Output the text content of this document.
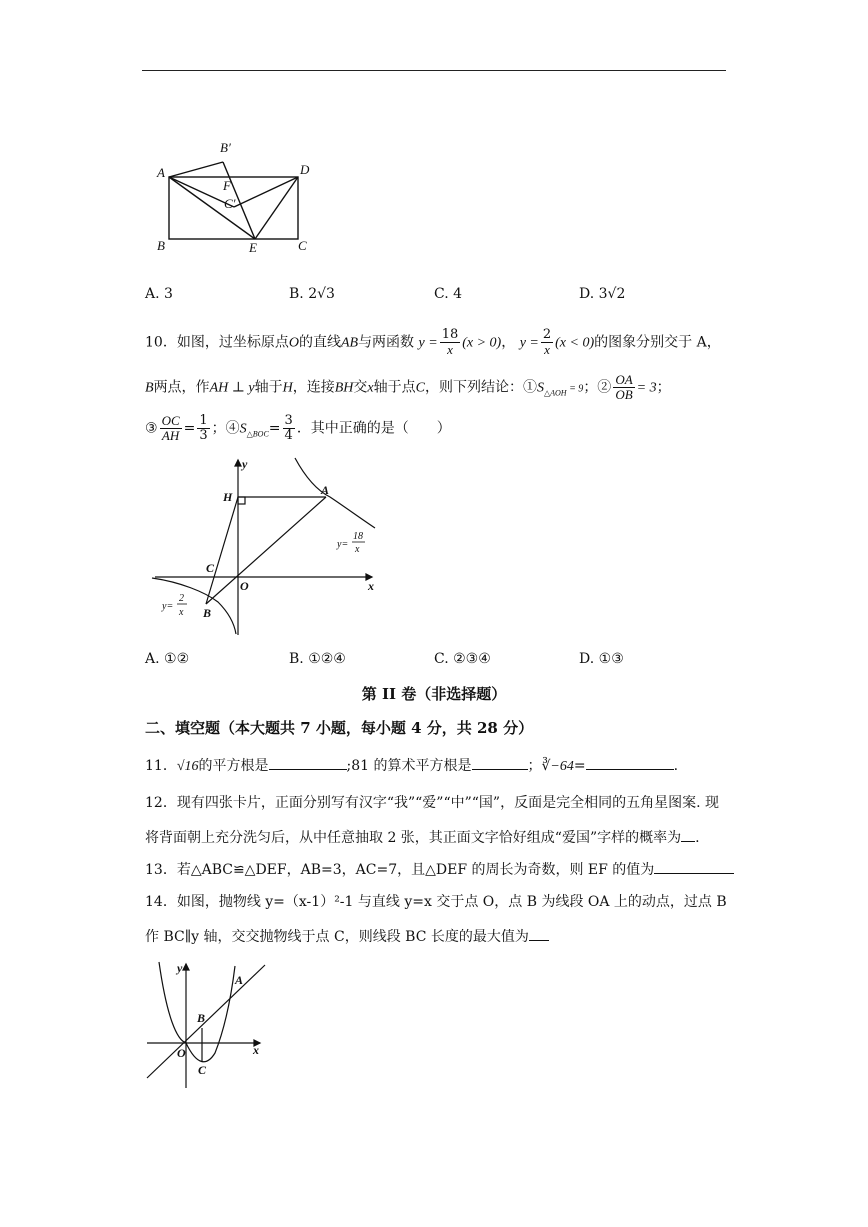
A
B′
D
F
C′
B	E	C
A. 3	B. 2√3	C. 4	D. 3√2
10．如图，过坐标原点O的直线AB与两函数 $y = \frac{18}{x} (x > 0)$， $y = \frac{2}{x} (x < 0)$的图象分别交于 A，
B两点，作AH ⊥ y轴于H，连接BH交x轴于点C，则下列结论：$①S_{\triangle AOH} = 9$；② $\frac{OA}{OB} = 3$；
③ $\frac{OC}{AH} = \frac{1}{3}$ ；$④S_{\triangle BOC}= \frac{3}{4}$ ．其中正确的是（　　）
y
H	A
C
O	x
B
y=
18
x
y=
2
x
A. ①②	B. ①②④	C. ②③④	D. ①③
第 II 卷（非选择题）
二、填空题（本大题共 7 小题，每小题 4 分，共 28 分）
11．√16的平方根是	;81 的算术平方根是	；∛−64=	.
12．现有四张卡片，正面分别写有汉字“我”“爱”“中”“国”，反面是完全相同的五角星图案. 现
将背面朝上充分洗匀后，从中任意抽取 2 张，其正面文字恰好组成“爱国”字样的概率为 .
13．若△ABC≌△DEF，AB=3，AC=7，且△DEF 的周长为奇数，则 EF 的值为
14．如图，抛物线 y=（x-1）²-1 与直线 y=x 交于点 O，点 B 为线段 OA 上的动点，过点 B
作 BC∥y 轴，交交抛物线于点 C，则线段 BC 长度的最大值为
y
A
B
O	x
C
